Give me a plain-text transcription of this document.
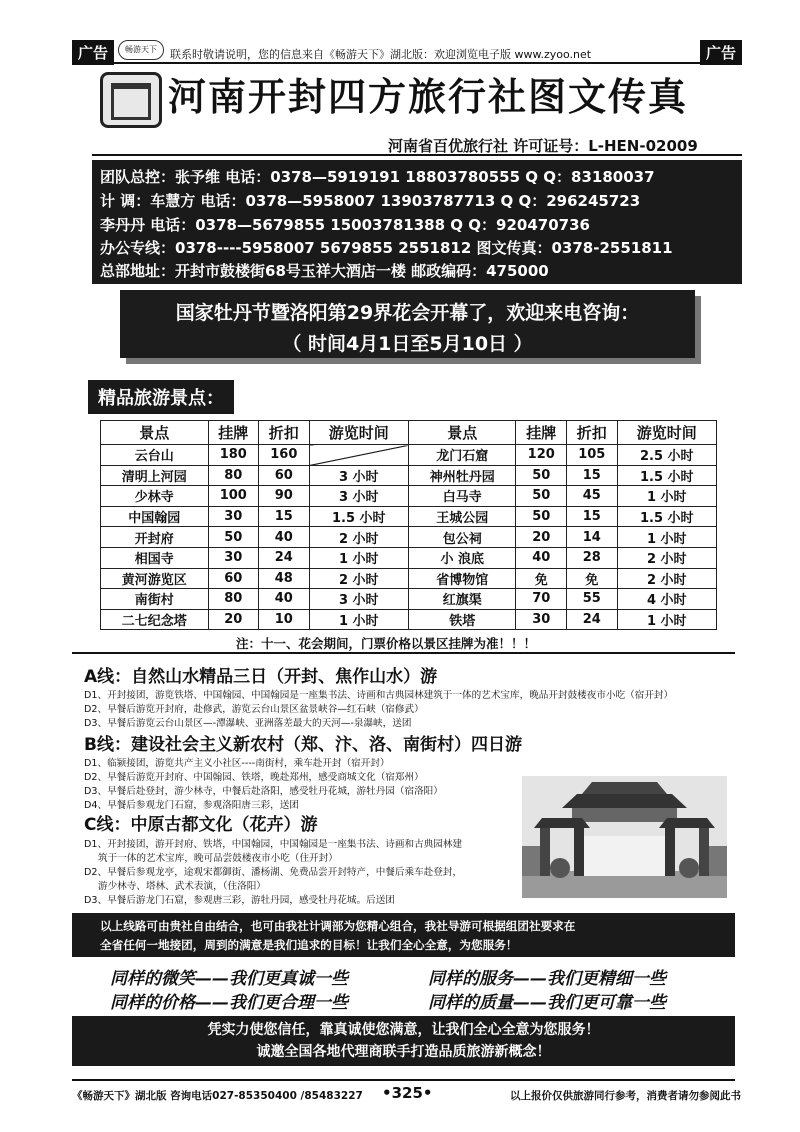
广告	广告
畅游天下	联系时敬请说明，您的信息来自《畅游天下》湖北版：欢迎浏览电子版 www.zyoo.net
河南开封四方旅行社图文传真
河南省百优旅行社 许可证号：L-HEN-02009
团队总控：张予维 电话：0378—5919191 18803780555 Q Q：83180037
计 调：车慧方 电话：0378—5958007 13903787713 Q Q：296245723
李丹丹 电话：0378—5679855 15003781388 Q Q：920470736
办公专线：0378----5958007 5679855 2551812 图文传真：0378-2551811
总部地址：开封市鼓楼街68号玉祥大酒店一楼 邮政编码：475000
国家牡丹节暨洛阳第29界花会开幕了，欢迎来电咨询：
（ 时间4月1日至5月10日 ）
精品旅游景点：
景点	挂牌	折扣	游览时间	景点	挂牌	折扣	游览时间
云台山	180	160		龙门石窟	120	105	2.5 小时
清明上河园	80	60	3 小时	神州牡丹园	50	15	1.5 小时
少林寺	100	90	3 小时	白马寺	50	45	1 小时
中国翰园	30	15	1.5 小时	王城公园	50	15	1.5 小时
开封府	50	40	2 小时	包公祠	20	14	1 小时
相国寺	30	24	1 小时	小 浪底	40	28	2 小时
黄河游览区	60	48	2 小时	省博物馆	免	免	2 小时
南街村	80	40	3 小时	红旗渠	70	55	4 小时
二七纪念塔	20	10	1 小时	铁塔	30	24	1 小时
注：十一、花会期间，门票价格以景区挂牌为准！！！
A线：自然山水精品三日（开封、焦作山水）游
D1、开封接团，游览铁塔、中国翰园、中国翰园是一座集书法、诗画和古典园林建筑于一体的艺术宝库，晚品开封鼓楼夜市小吃（宿开封）
D2、早餐后游览开封府，赴修武，游览云台山景区盆景峡谷—红石峡（宿修武）
D3、早餐后游览云台山景区—-潭瀑峡、亚洲落差最大的天河—-泉瀑峡，送团
B线：建设社会主义新农村（郑、汴、洛、南街村）四日游
D1、临颍接团，游览共产主义小社区----南街村，乘车赴开封（宿开封）
D2、早餐后游览开封府、中国翰园、铁塔，晚赴郑州，感受商城文化（宿郑州）
D3、早餐后赴登封，游少林寺，中餐后赴洛阳，感受牡丹花城，游牡丹园（宿洛阳）
D4、早餐后参观龙门石窟，参观洛阳唐三彩，送团
C线：中原古都文化（花卉）游
D1、开封接团，游开封府、铁塔，中国翰园，中国翰园是一座集书法、诗画和古典园林建
筑于一体的艺术宝库，晚可品尝鼓楼夜市小吃（住开封）
D2、早餐后参观龙亭，途观宋都御街、潘杨湖、免费品尝开封特产，中餐后乘车赴登封，
游少林寺、塔林、武术表演，（住洛阳）
D3、早餐后游龙门石窟，参观唐三彩，游牡丹园，感受牡丹花城。后送团
以上线路可由贵社自由结合，也可由我社计调部为您精心组合，我社导游可根据组团社要求在
全省任何一地接团，周到的满意是我们追求的目标！让我们全心全意，为您服务！
同样的微笑——我们更真诚一些	同样的服务——我们更精细一些
同样的价格——我们更合理一些	同样的质量——我们更可靠一些
凭实力使您信任，靠真诚使您满意，让我们全心全意为您服务！
诚邀全国各地代理商联手打造品质旅游新概念！
《畅游天下》湖北版 咨询电话027-85350400 /85483227 •325•	以上报价仅供旅游同行参考，消费者请勿参阅此书
